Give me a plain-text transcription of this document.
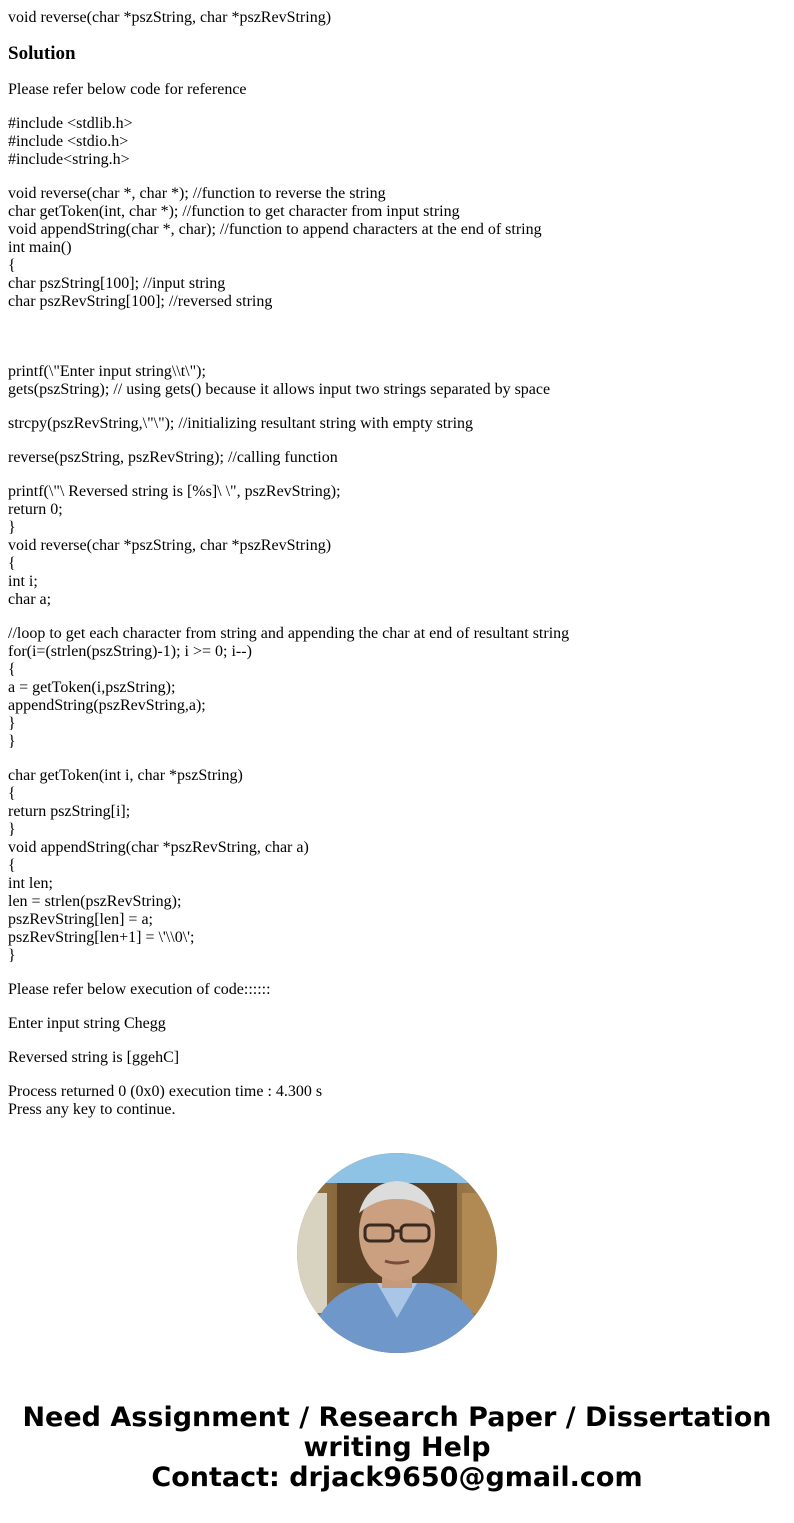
void reverse(char *pszString, char *pszRevString)
Solution
Please refer below code for reference
#include <stdlib.h>
#include <stdio.h>
#include<string.h>
void reverse(char *, char *); //function to reverse the string
char getToken(int, char *); //function to get character from input string
void appendString(char *, char); //function to append characters at the end of string
int main()
{
char pszString[100]; //input string
char pszRevString[100]; //reversed string
printf(\"Enter input string\\t\");
gets(pszString); // using gets() because it allows input two strings separated by space
strcpy(pszRevString,\"\"); //initializing resultant string with empty string
reverse(pszString, pszRevString); //calling function
printf(\"\ Reversed string is [%s]\ \", pszRevString);
return 0;
}
void reverse(char *pszString, char *pszRevString)
{
int i;
char a;
//loop to get each character from string and appending the char at end of resultant string
for(i=(strlen(pszString)-1); i >= 0; i--)
{
a = getToken(i,pszString);
appendString(pszRevString,a);
}
}
char getToken(int i, char *pszString)
{
return pszString[i];
}
void appendString(char *pszRevString, char a)
{
int len;
len = strlen(pszRevString);
pszRevString[len] = a;
pszRevString[len+1] = \'\\0\';
}
Please refer below execution of code::::::
Enter input string Chegg
Reversed string is [ggehC]
Process returned 0 (0x0) execution time : 4.300 s
Press any key to continue.
Need Assignment / Research Paper / Dissertation
writing Help
Contact: drjack9650@gmail.com
